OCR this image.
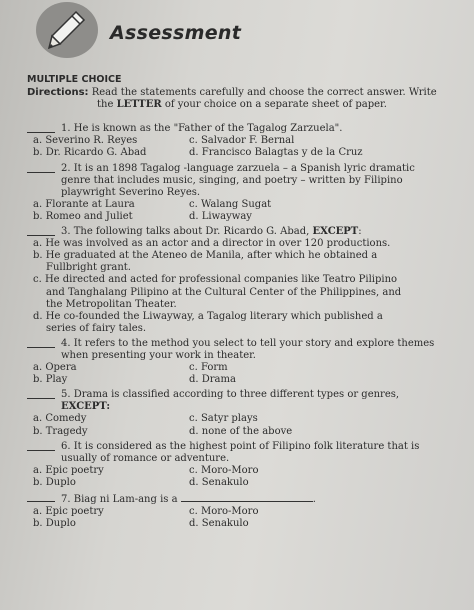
Assessment
MULTIPLE CHOICE
Directions: Read the statements carefully and choose the correct answer. Write
the LETTER of your choice on a separate sheet of paper.
1. He is known as the "Father of the Tagalog Zarzuela".
a. Severino R. Reyes	c. Salvador F. Bernal
b. Dr. Ricardo G. Abad	d. Francisco Balagtas y de la Cruz
2. It is an 1898 Tagalog -language zarzuela – a Spanish lyric dramatic
genre that includes music, singing, and poetry – written by Filipino
playwright Severino Reyes.
a. Florante at Laura	c. Walang Sugat
b. Romeo and Juliet	d. Liwayway
3. The following talks about Dr. Ricardo G. Abad, EXCEPT:
a. He was involved as an actor and a director in over 120 productions.
b. He graduated at the Ateneo de Manila, after which he obtained a
Fullbright grant.
c. He directed and acted for professional companies like Teatro Pilipino
and Tanghalang Pilipino at the Cultural Center of the Philippines, and
the Metropolitan Theater.
d. He co-founded the Liwayway, a Tagalog literary which published a
series of fairy tales.
4. It refers to the method you select to tell your story and explore themes
when presenting your work in theater.
a. Opera	c. Form
b. Play	d. Drama
5. Drama is classified according to three different types or genres,
EXCEPT:
a. Comedy	c. Satyr plays
b. Tragedy	d. none of the above
6. It is considered as the highest point of Filipino folk literature that is
usually of romance or adventure.
a. Epic poetry	c. Moro-Moro
b. Duplo	d. Senakulo
7. Biag ni Lam-ang is a	.
a. Epic poetry	c. Moro-Moro
b. Duplo	d. Senakulo
